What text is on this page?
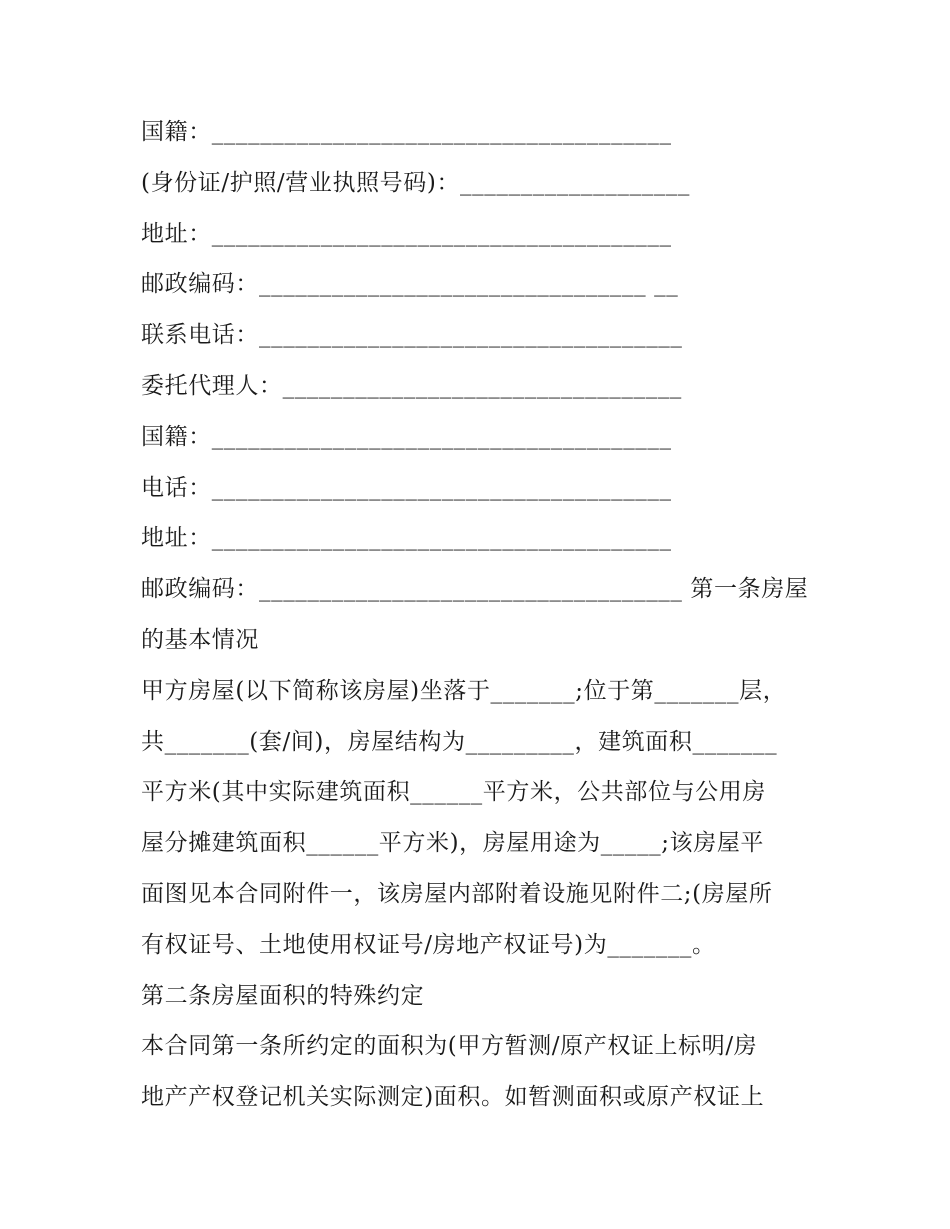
国籍：______________________________________
(身份证/护照/营业执照号码)：___________________
地址：______________________________________
邮政编码：________________________________ __
联系电话：___________________________________
委托代理人：_________________________________
国籍：______________________________________
电话：______________________________________
地址：______________________________________
邮政编码：___________________________________ 第一条房屋
的基本情况
甲方房屋(以下简称该房屋)坐落于_______;位于第_______层，
共_______(套/间)，房屋结构为_________，建筑面积_______
平方米(其中实际建筑面积______平方米，公共部位与公用房
屋分摊建筑面积______平方米)，房屋用途为_____;该房屋平
面图见本合同附件一，该房屋内部附着设施见附件二;(房屋所
有权证号、土地使用权证号/房地产权证号)为_______。
第二条房屋面积的特殊约定
本合同第一条所约定的面积为(甲方暂测/原产权证上标明/房
地产产权登记机关实际测定)面积。如暂测面积或原产权证上
